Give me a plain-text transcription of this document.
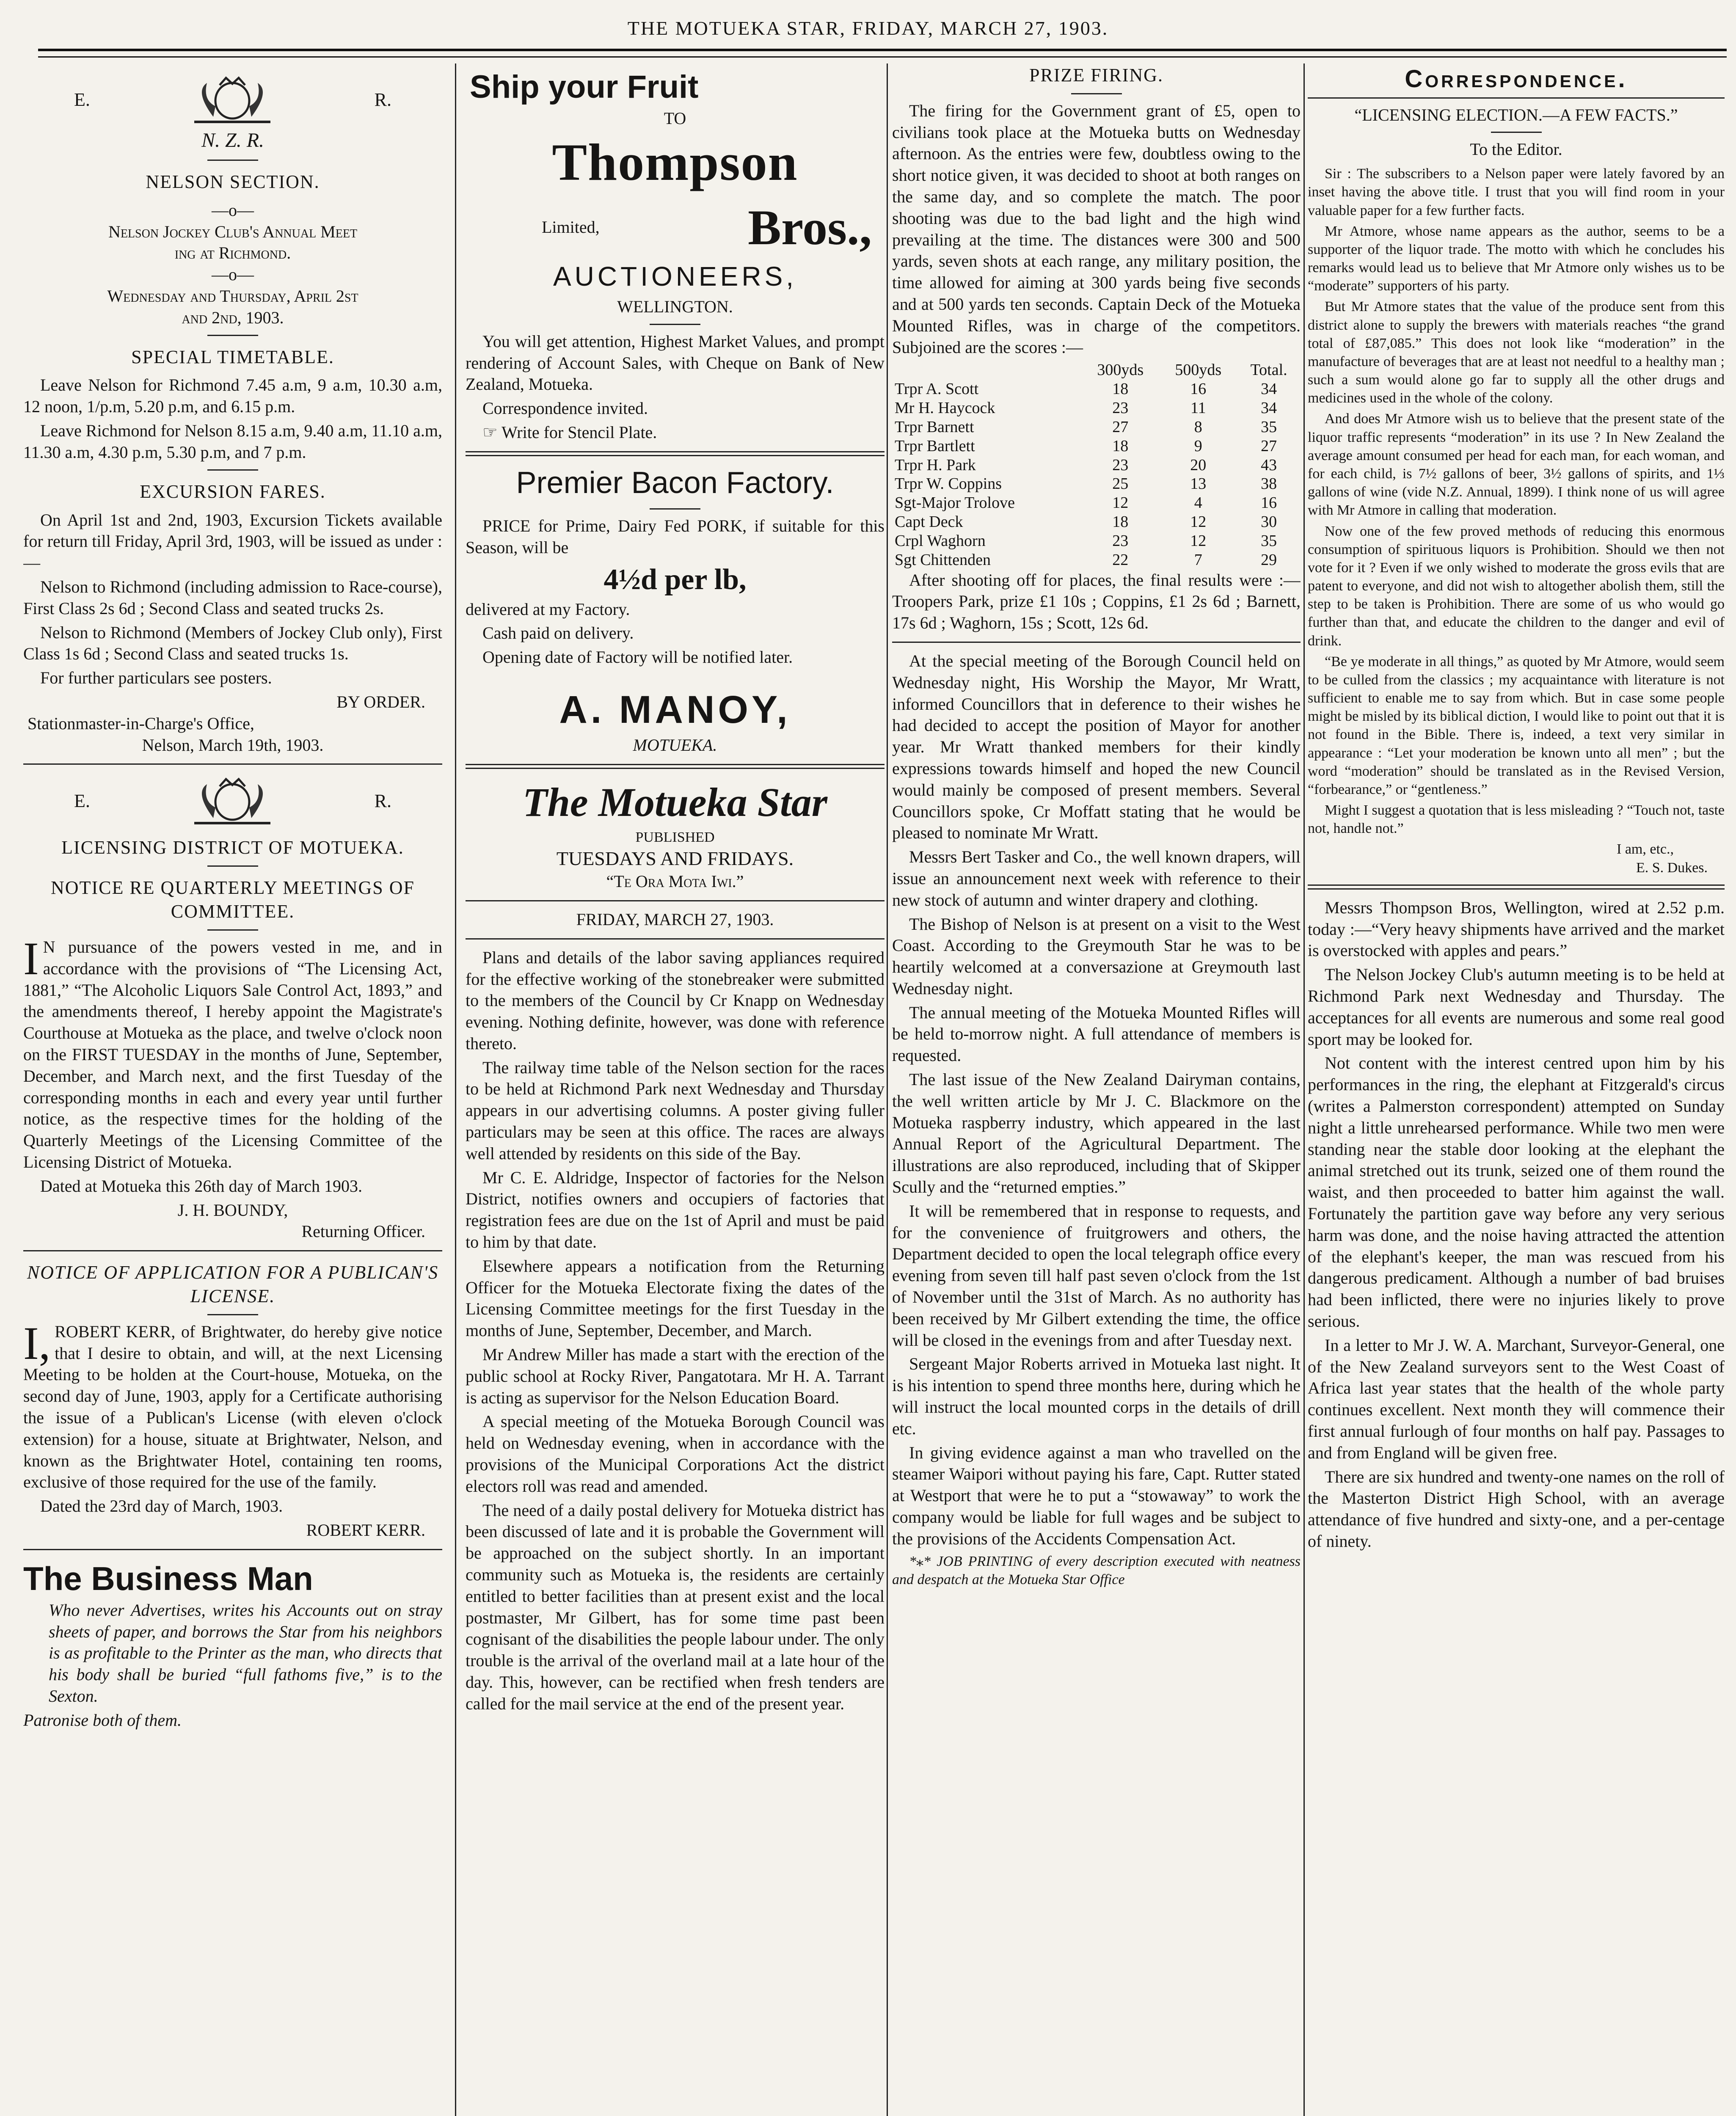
THE MOTUEKA STAR, FRIDAY, MARCH 27, 1903.
E.	R.
N. Z. R.
NELSON SECTION.
—o—
Nelson Jockey Club's Annual Meet
ing at Richmond.
—o—
Wednesday and Thursday, April 2st
and 2nd, 1903.
SPECIAL TIMETABLE.

Leave Nelson for Richmond 7.45 a.m, 9 a.m, 10.30 a.m, 12 noon, 1/p.m, 5.20 p.m, and 6.15 p.m.

Leave Richmond for Nelson 8.15 a.m, 9.40 a.m, 11.10 a.m, 11.30 a.m, 4.30 p.m, 5.30 p.m, and 7 p.m.

EXCURSION FARES.

On April 1st and 2nd, 1903, Excursion Tickets available for return till Friday, April 3rd, 1903, will be issued as under :—

Nelson to Richmond (including admission to Race-course), First Class 2s 6d ; Second Class and seated trucks 2s.

Nelson to Richmond (Members of Jockey Club only), First Class 1s 6d ; Second Class and seated trucks 1s.

For further particulars see posters.

BY ORDER.
Stationmaster-in-Charge's Office,
Nelson, March 19th, 1903.
E.	R.
LICENSING DISTRICT OF MOTUEKA.
NOTICE RE QUARTERLY MEETINGS OF COMMITTEE.

I N pursuance of the powers vested in me, and in accordance with the provisions of “The Licensing Act, 1881,” “The Alcoholic Liquors Sale Control Act, 1893,” and the amendments thereof, I hereby appoint the Magistrate's Courthouse at Motueka as the place, and twelve o'clock noon on the FIRST TUESDAY in the months of June, September, December, and March next, and the first Tuesday of the corresponding months in each and every year until further notice, as the respective times for the holding of the Quarterly Meetings of the Licensing Committee of the Licensing District of Motueka.

Dated at Motueka this 26th day of March 1903.

J. H. BOUNDY,
Returning Officer.
NOTICE OF APPLICATION FOR A PUBLICAN'S LICENSE.

I, ROBERT KERR, of Brightwater, do hereby give notice that I desire to obtain, and will, at the next Licensing Meeting to be holden at the Court-house, Motueka, on the second day of June, 1903, apply for a Certificate authorising the issue of a Publican's License (with eleven o'clock extension) for a house, situate at Brightwater, Nelson, and known as the Brightwater Hotel, containing ten rooms, exclusive of those required for the use of the family.

Dated the 23rd day of March, 1903.

ROBERT KERR.
The Business Man

Who never Advertises, writes his Accounts out on stray sheets of paper, and borrows the Star from his neighbors is as profitable to the Printer as the man, who directs that his body shall be buried “full fathoms five,” is to the Sexton.

Patronise both of them.
Ship your Fruit
TO
Thompson
Limited,	Bros.,
AUCTIONEERS,
WELLINGTON.

You will get attention, Highest Market Values, and prompt rendering of Account Sales, with Cheque on Bank of New Zealand, Motueka.

Correspondence invited.

☞ Write for Stencil Plate.

Premier Bacon Factory.

PRICE for Prime, Dairy Fed PORK, if suitable for this Season, will be

4½d per lb,

delivered at my Factory.

Cash paid on delivery.

Opening date of Factory will be notified later.

A. MANOY,
MOTUEKA.
The Motueka Star
PUBLISHED
TUESDAYS AND FRIDAYS.
“Te Ora Mota Iwi.”
FRIDAY, MARCH 27, 1903.

Plans and details of the labor saving appliances required for the effective working of the stonebreaker were submitted to the members of the Council by Cr Knapp on Wednesday evening. Nothing definite, however, was done with reference thereto.

The railway time table of the Nelson section for the races to be held at Richmond Park next Wednesday and Thursday appears in our advertising columns. A poster giving fuller particulars may be seen at this office. The races are always well attended by residents on this side of the Bay.

Mr C. E. Aldridge, Inspector of factories for the Nelson District, notifies owners and occupiers of factories that registration fees are due on the 1st of April and must be paid to him by that date.

Elsewhere appears a notification from the Returning Officer for the Motueka Electorate fixing the dates of the Licensing Committee meetings for the first Tuesday in the months of June, September, December, and March.

Mr Andrew Miller has made a start with the erection of the public school at Rocky River, Pangatotara. Mr H. A. Tarrant is acting as supervisor for the Nelson Education Board.

A special meeting of the Motueka Borough Council was held on Wednesday evening, when in accordance with the provisions of the Municipal Corporations Act the district electors roll was read and amended.

The need of a daily postal delivery for Motueka district has been discussed of late and it is probable the Government will be approached on the subject shortly. In an important community such as Motueka is, the residents are certainly entitled to better facilities than at present exist and the local postmaster, Mr Gilbert, has for some time past been cognisant of the disabilities the people labour under. The only trouble is the arrival of the overland mail at a late hour of the day. This, however, can be rectified when fresh tenders are called for the mail service at the end of the present year.

PRIZE FIRING.

The firing for the Government grant of £5, open to civilians took place at the Motueka butts on Wednesday afternoon. As the entries were few, doubtless owing to the short notice given, it was decided to shoot at both ranges on the same day, and so complete the match. The poor shooting was due to the bad light and the high wind prevailing at the time. The distances were 300 and 500 yards, seven shots at each range, any military position, the time allowed for aiming at 300 yards being five seconds and at 500 yards ten seconds. Captain Deck of the Motueka Mounted Rifles, was in charge of the competitors. Subjoined are the scores :—

	300yds	500yds	Total.
Trpr A. Scott	18	16	34
Mr H. Haycock	23	11	34
Trpr Barnett	27	8	35
Trpr Bartlett	18	9	27
Trpr H. Park	23	20	43
Trpr W. Coppins	25	13	38
Sgt-Major Trolove	12	4	16
Capt Deck	18	12	30
Crpl Waghorn	23	12	35
Sgt Chittenden	22	7	29

After shooting off for places, the final results were :—Troopers Park, prize £1 10s ; Coppins, £1 2s 6d ; Barnett, 17s 6d ; Waghorn, 15s ; Scott, 12s 6d.

At the special meeting of the Borough Council held on Wednesday night, His Worship the Mayor, Mr Wratt, informed Councillors that in deference to their wishes he had decided to accept the position of Mayor for another year. Mr Wratt thanked members for their kindly expressions towards himself and hoped the new Council would mainly be composed of present members. Several Councillors spoke, Cr Moffatt stating that he would be pleased to nominate Mr Wratt.

Messrs Bert Tasker and Co., the well known drapers, will issue an announcement next week with reference to their new stock of autumn and winter drapery and clothing.

The Bishop of Nelson is at present on a visit to the West Coast. According to the Greymouth Star he was to be heartily welcomed at a conversazione at Greymouth last Wednesday night.

The annual meeting of the Motueka Mounted Rifles will be held to-morrow night. A full attendance of members is requested.

The last issue of the New Zealand Dairyman contains, the well written article by Mr J. C. Blackmore on the Motueka raspberry industry, which appeared in the last Annual Report of the Agricultural Department. The illustrations are also reproduced, including that of Skipper Scully and the “returned empties.”

It will be remembered that in response to requests, and for the convenience of fruitgrowers and others, the Department decided to open the local telegraph office every evening from seven till half past seven o'clock from the 1st of November until the 31st of March. As no authority has been received by Mr Gilbert extending the time, the office will be closed in the evenings from and after Tuesday next.

Sergeant Major Roberts arrived in Motueka last night. It is his intention to spend three months here, during which he will instruct the local mounted corps in the details of drill etc.

In giving evidence against a man who travelled on the steamer Waipori without paying his fare, Capt. Rutter stated at Westport that were he to put a “stowaway” to work the company would be liable for full wages and be subject to the provisions of the Accidents Compensation Act.

*⁎* JOB PRINTING of every description executed with neatness and despatch at the Motueka Star Office

Correspondence.
“LICENSING ELECTION.—A FEW FACTS.”
To the Editor.

Sir : The subscribers to a Nelson paper were lately favored by an inset having the above title. I trust that you will find room in your valuable paper for a few further facts.

Mr Atmore, whose name appears as the author, seems to be a supporter of the liquor trade. The motto with which he concludes his remarks would lead us to believe that Mr Atmore only wishes us to be “moderate” supporters of his party.

But Mr Atmore states that the value of the produce sent from this district alone to supply the brewers with materials reaches “the grand total of £87,085.” This does not look like “moderation” in the manufacture of beverages that are at least not needful to a healthy man ; such a sum would alone go far to supply all the other drugs and medicines used in the whole of the colony.

And does Mr Atmore wish us to believe that the present state of the liquor traffic represents “moderation” in its use ? In New Zealand the average amount consumed per head for each man, for each woman, and for each child, is 7½ gallons of beer, 3½ gallons of spirits, and 1⅓ gallons of wine (vide N.Z. Annual, 1899). I think none of us will agree with Mr Atmore in calling that moderation.

Now one of the few proved methods of reducing this enormous consumption of spirituous liquors is Prohibition. Should we then not vote for it ? Even if we only wished to moderate the gross evils that are patent to everyone, and did not wish to altogether abolish them, still the step to be taken is Prohibition. There are some of us who would go further than that, and educate the children to the danger and evil of drink.

“Be ye moderate in all things,” as quoted by Mr Atmore, would seem to be culled from the classics ; my acquaintance with literature is not sufficient to enable me to say from which. But in case some people might be misled by its biblical diction, I would like to point out that it is not found in the Bible. There is, indeed, a text very similar in appearance : “Let your moderation be known unto all men” ; but the word “moderation” should be translated as in the Revised Version, “forbearance,” or “gentleness.”

Might I suggest a quotation that is less misleading ? “Touch not, taste not, handle not.”

I am, etc.,
E. S. Dukes.

Messrs Thompson Bros, Wellington, wired at 2.52 p.m. today :—“Very heavy shipments have arrived and the market is overstocked with apples and pears.”

The Nelson Jockey Club's autumn meeting is to be held at Richmond Park next Wednesday and Thursday. The acceptances for all events are numerous and some real good sport may be looked for.

Not content with the interest centred upon him by his performances in the ring, the elephant at Fitzgerald's circus (writes a Palmerston correspondent) attempted on Sunday night a little unrehearsed performance. While two men were standing near the stable door looking at the elephant the animal stretched out its trunk, seized one of them round the waist, and then proceeded to batter him against the wall. Fortunately the partition gave way before any very serious harm was done, and the noise having attracted the attention of the elephant's keeper, the man was rescued from his dangerous predicament. Although a number of bad bruises had been inflicted, there were no injuries likely to prove serious.

In a letter to Mr J. W. A. Marchant, Surveyor-General, one of the New Zealand surveyors sent to the West Coast of Africa last year states that the health of the whole party continues excellent. Next month they will commence their first annual furlough of four months on half pay. Passages to and from England will be given free.

There are six hundred and twenty-one names on the roll of the Masterton District High School, with an average attendance of five hundred and sixty-one, and a per-centage of ninety.
